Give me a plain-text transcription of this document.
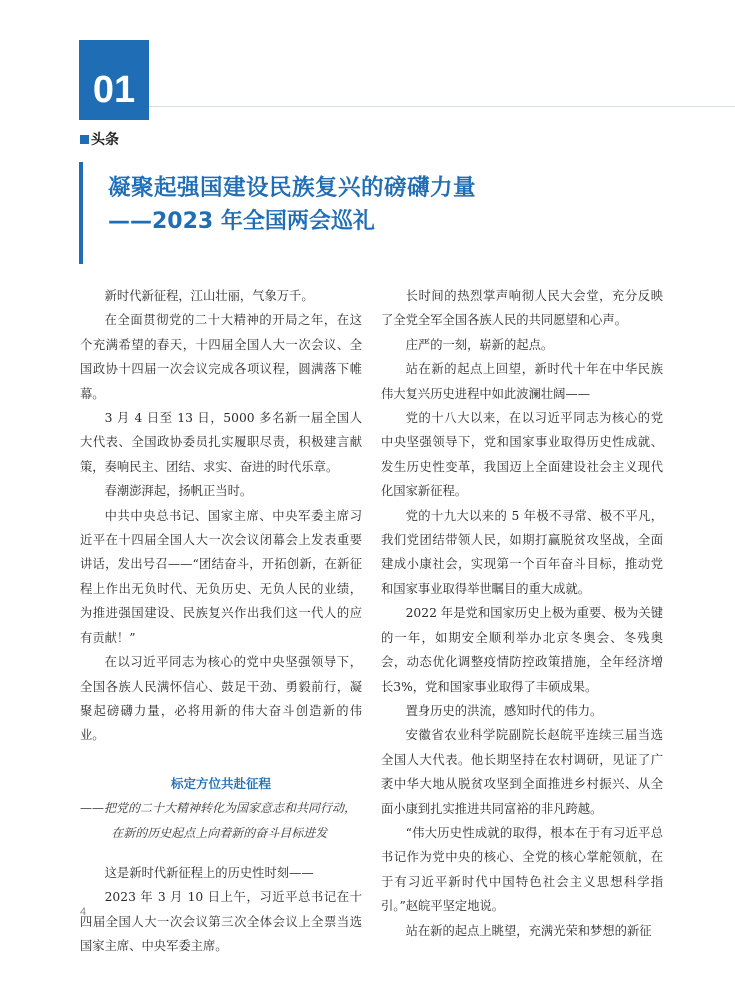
01
头条
凝聚起强国建设民族复兴的磅礴力量
——2023 年全国两会巡礼

新时代新征程，江山壮丽，气象万千。

在全面贯彻党的二十大精神的开局之年，在这个充满希望的春天，十四届全国人大一次会议、全国政协十四届一次会议完成各项议程，圆满落下帷幕。

3 月 4 日至 13 日，5000 多名新一届全国人大代表、全国政协委员扎实履职尽责，积极建言献策，奏响民主、团结、求实、奋进的时代乐章。

春潮澎湃起，扬帆正当时。

中共中央总书记、国家主席、中央军委主席习近平在十四届全国人大一次会议闭幕会上发表重要讲话，发出号召——“团结奋斗，开拓创新，在新征程上作出无负时代、无负历史、无负人民的业绩，为推进强国建设、民族复兴作出我们这一代人的应有贡献！”

在以习近平同志为核心的党中央坚强领导下，全国各族人民满怀信心、鼓足干劲、勇毅前行，凝聚起磅礴力量，必将用新的伟大奋斗创造新的伟业。

标定方位共赴征程

——把党的二十大精神转化为国家意志和共同行动，
在新的历史起点上向着新的奋斗目标进发

这是新时代新征程上的历史性时刻——

2023 年 3 月 10 日上午，习近平总书记在十四届全国人大一次会议第三次全体会议上全票当选国家主席、中央军委主席。

长时间的热烈掌声响彻人民大会堂，充分反映了全党全军全国各族人民的共同愿望和心声。

庄严的一刻，崭新的起点。

站在新的起点上回望，新时代十年在中华民族伟大复兴历史进程中如此波澜壮阔——

党的十八大以来，在以习近平同志为核心的党中央坚强领导下，党和国家事业取得历史性成就、发生历史性变革，我国迈上全面建设社会主义现代化国家新征程。

党的十九大以来的 5 年极不寻常、极不平凡，我们党团结带领人民，如期打赢脱贫攻坚战，全面建成小康社会，实现第一个百年奋斗目标，推动党和国家事业取得举世瞩目的重大成就。

2022 年是党和国家历史上极为重要、极为关键的一年，如期安全顺利举办北京冬奥会、冬残奥会，动态优化调整疫情防控政策措施，全年经济增长3%，党和国家事业取得了丰硕成果。

置身历史的洪流，感知时代的伟力。

安徽省农业科学院副院长赵皖平连续三届当选全国人大代表。他长期坚持在农村调研，见证了广袤中华大地从脱贫攻坚到全面推进乡村振兴、从全面小康到扎实推进共同富裕的非凡跨越。

“伟大历史性成就的取得，根本在于有习近平总书记作为党中央的核心、全党的核心掌舵领航，在于有习近平新时代中国特色社会主义思想科学指引。”赵皖平坚定地说。

站在新的起点上眺望，充满光荣和梦想的新征

4
